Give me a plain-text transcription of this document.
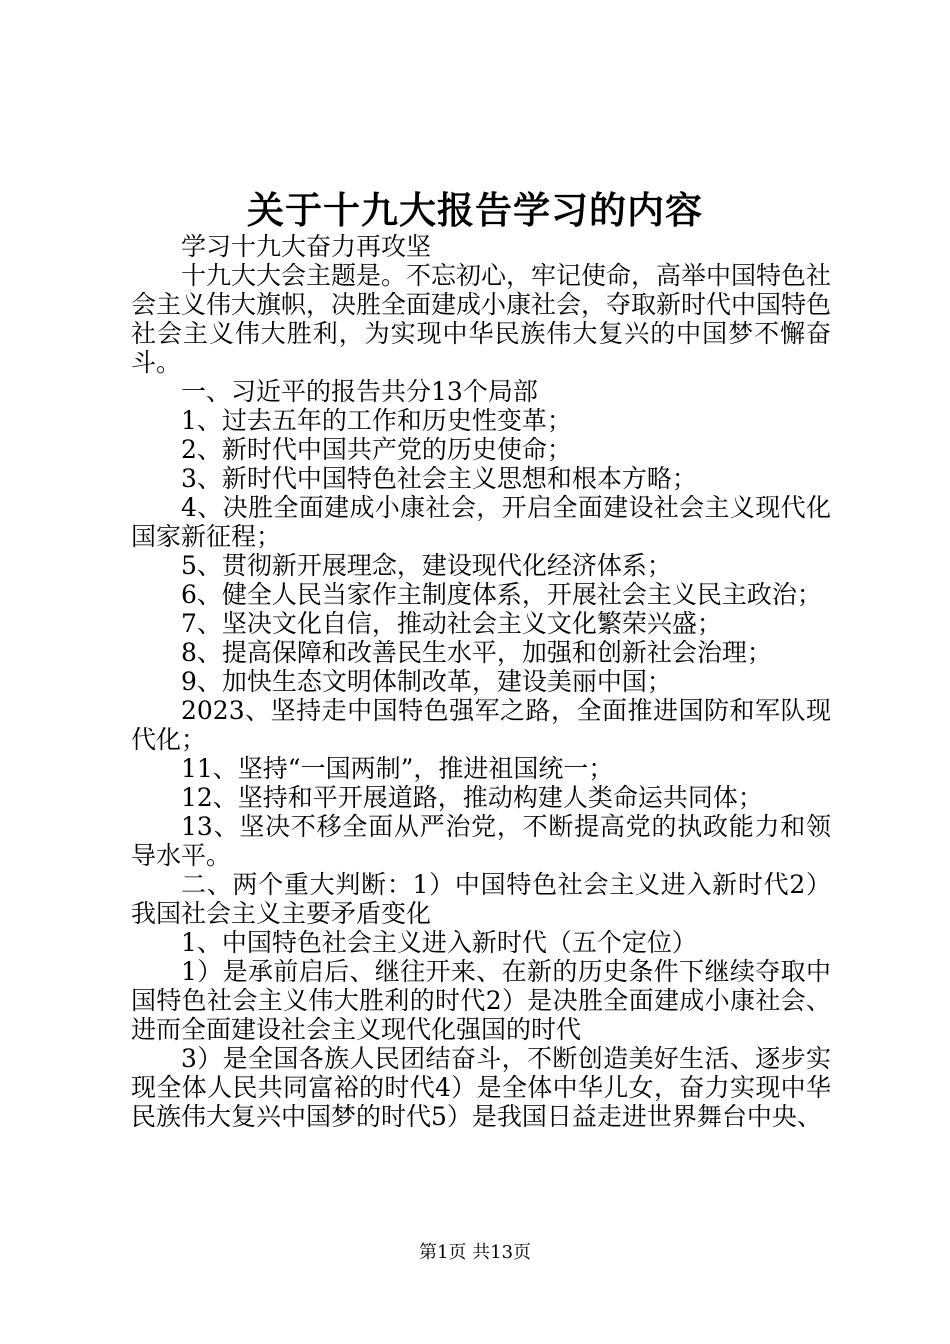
关于十九大报告学习的内容

学习十九大奋力再攻坚

十九大大会主题是。不忘初心，牢记使命，高举中国特色社会主义伟大旗帜，决胜全面建成小康社会，夺取新时代中国特色社会主义伟大胜利，为实现中华民族伟大复兴的中国梦不懈奋斗。

一、习近平的报告共分13个局部

1、过去五年的工作和历史性变革；

2、新时代中国共产党的历史使命；

3、新时代中国特色社会主义思想和根本方略；

4、决胜全面建成小康社会，开启全面建设社会主义现代化国家新征程；

5、贯彻新开展理念，建设现代化经济体系；

6、健全人民当家作主制度体系，开展社会主义民主政治；

7、坚决文化自信，推动社会主义文化繁荣兴盛；

8、提高保障和改善民生水平，加强和创新社会治理；

9、加快生态文明体制改革，建设美丽中国；

2023、坚持走中国特色强军之路，全面推进国防和军队现代化；

11、坚持“一国两制”，推进祖国统一；

12、坚持和平开展道路，推动构建人类命运共同体；

13、坚决不移全面从严治党，不断提高党的执政能力和领导水平。

二、两个重大判断：1）中国特色社会主义进入新时代2）我国社会主义主要矛盾变化

1、中国特色社会主义进入新时代（五个定位）

1）是承前启后、继往开来、在新的历史条件下继续夺取中国特色社会主义伟大胜利的时代2）是决胜全面建成小康社会、进而全面建设社会主义现代化强国的时代

3）是全国各族人民团结奋斗，不断创造美好生活、逐步实现全体人民共同富裕的时代4）是全体中华儿女，奋力实现中华民族伟大复兴中国梦的时代5）是我国日益走进世界舞台中央、

第1页 共13页
